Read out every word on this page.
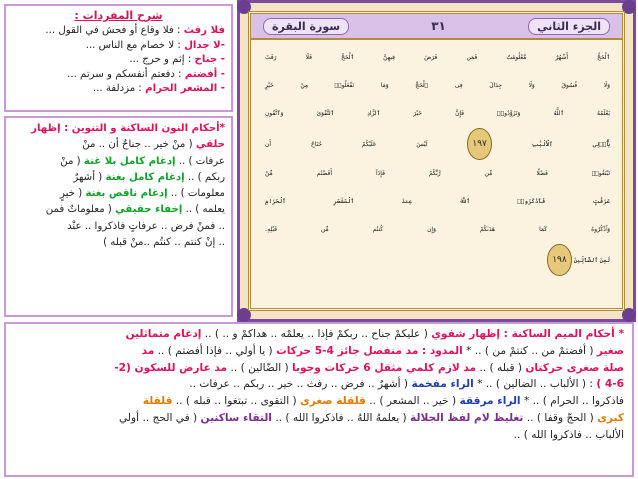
شرح المفردات :
فلا رفث : فلا وقاع أو فحش في القول ...
-لا جدال : لا خصام مع الناس ...
- جناح : إثم و حرج ...
- أفضتم : دفعتم أنفسكم و سرتم ...
- المشعر الحرام : مزدلفة ...
*أحكام النون الساكنة و التنوين : إظهار
حلقي ( منْ خير .. جناحٌ أن .. منْ
عرفات ) .. إدغام كامل بلا غنة ( منْ
ربكم ) .. إدغام كامل بغنة ( أشهرٌ
معلومات ) .. إدغام ناقص بغنة ( خيرٍ
يعلمه ) .. إخفاء حقيقي ( معلوماتٌ فمن
.. فمنْ فرض .. عرفاتٍ فاذكروا .. عنْد
.. إنْ كنتم .. كنتُم ..منْ قبله )
الجزء الثاني
٣١
سورة البقرة
ٱلْحَجُّ أَشْهُرٌ مَّعْلُومَٰتٌ فَمَن فَرَضَ فِيهِنَّ ٱلْحَجَّ فَلَا رَفَثَ
وَلَا فُسُوقَ وَلَا جِدَالَ فِى ٱلْحَجِّ وَمَا تَفْعَلُوا۟ مِنْ خَيْرٍ
يَعْلَمْهُ ٱللَّهُ وَتَزَوَّدُوا۟ فَإِنَّ خَيْرَ ٱلزَّادِ ٱلتَّقْوَىٰ وَٱتَّقُونِ
يَٰٓأُو۟لِى ٱلْأَلْبَٰبِ ١٩٧ لَيْسَ عَلَيْكُمْ جُنَاحٌ أَن
تَبْتَغُوا۟ فَضْلًا مِّن رَّبِّكُمْ فَإِذَآ أَفَضْتُم مِّنْ
عَرَفَٰتٍ فَٱذْكُرُوا۟ ٱللَّهَ عِندَ ٱلْمَشْعَرِ ٱلْحَرَامِ
وَٱذْكُرُوهُ كَمَا هَدَىٰكُمْ وَإِن كُنتُم مِّن قَبْلِهِۦ
لَمِنَ ٱلضَّآلِّينَ ١٩٨
* أحكام الميم الساكنة : إظهار شفوي ( عليكمْ جناح .. ربكمْ فإذا .. يعلمْه .. هداكمْ و .. ) .. إدغام متماثلين
صغير ( أفضتمْ من .. كنتمْ من ) .. * المدود : مد منفصل جائز 4-5 حركات ( يا أولي .. فإذا أفضتم ) .. مد
صلة صغرى حركتان ( قبله ) .. مد لازم كلمي مثقل 6 حركات وجوبا ( الضّالين ) .. مد عارض للسكون (2-
4-6 ) : ( الألباب .. الضالين ) .. * الراء مفخمة ( أشهرٌ .. فرض .. رفث .. خير .. ربكم .. عرفات ..
فاذكروا .. الحرام ) .. * الراء مرققة ( خير .. المشعر ) .. قلقلة صغرى ( التقوى .. تبتغوا .. قبله ) .. قلقلة
كبرى ( الحجّ وقفا ) .. تغليظ لام لفظ الجلالة ( يعلمهُ اللهُ .. فاذكروا الله ) .. التقاء ساكنين ( في الحج .. أولي
الألباب .. فاذكروا الله ) ..
